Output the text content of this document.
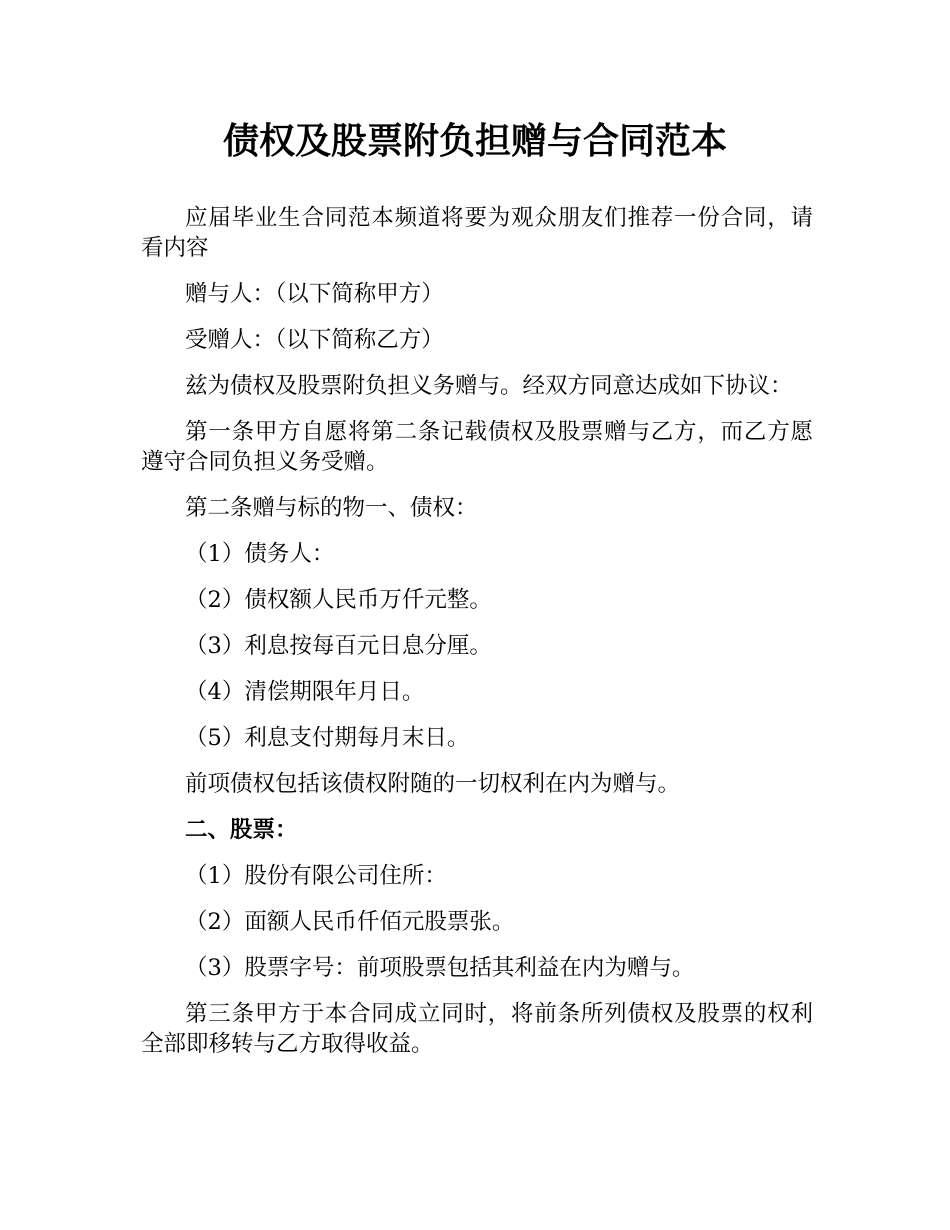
债权及股票附负担赠与合同范本

应届毕业生合同范本频道将要为观众朋友们推荐一份合同，请看内容

赠与人：（以下简称甲方）

受赠人：（以下简称乙方）

兹为债权及股票附负担义务赠与。经双方同意达成如下协议：

第一条甲方自愿将第二条记载债权及股票赠与乙方，而乙方愿遵守合同负担义务受赠。

第二条赠与标的物一、债权：

（1）债务人：

（2）债权额人民币万仟元整。

（3）利息按每百元日息分厘。

（4）清偿期限年月日。

（5）利息支付期每月末日。

前项债权包括该债权附随的一切权利在内为赠与。

二、股票：

（1）股份有限公司住所：

（2）面额人民币仟佰元股票张。

（3）股票字号：前项股票包括其利益在内为赠与。

第三条甲方于本合同成立同时，将前条所列债权及股票的权利全部即移转与乙方取得收益。
